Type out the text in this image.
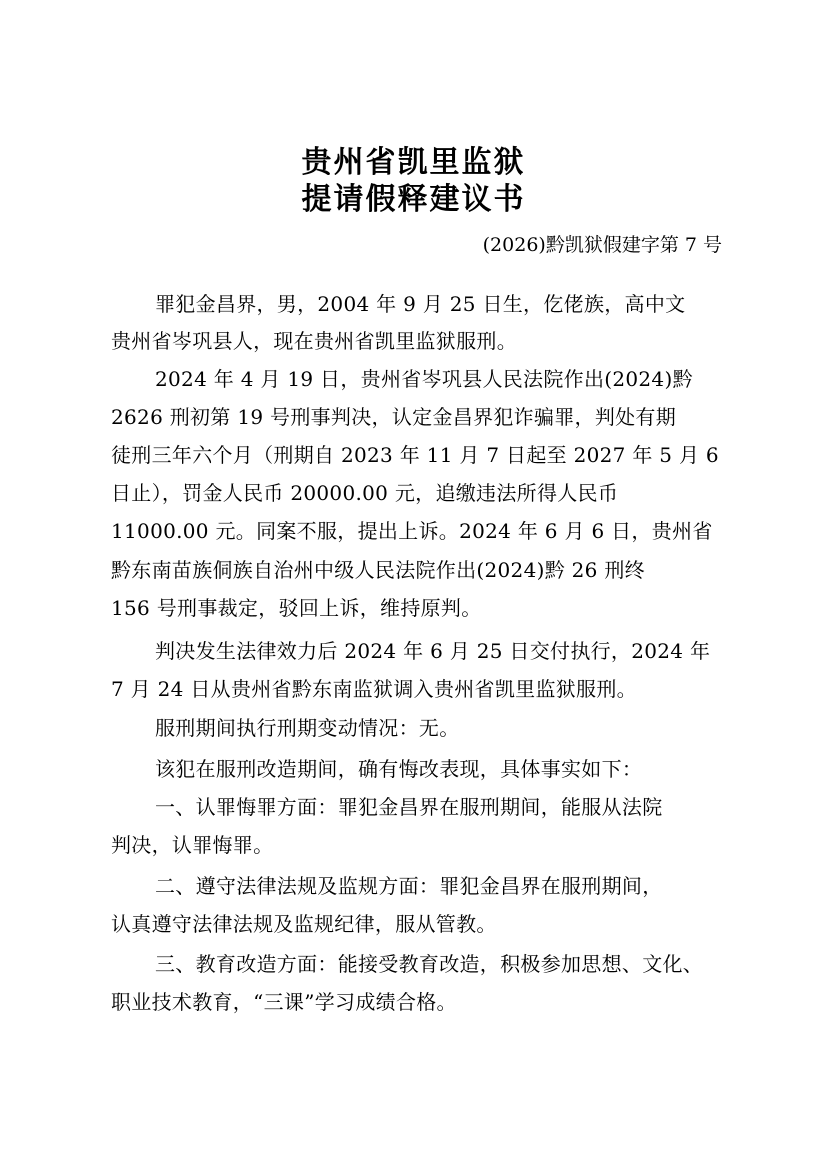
贵州省凯里监狱
提请假释建议书
(2026)黔凯狱假建字第 7 号
罪犯金昌界，男，2004 年 9 月 25 日生，仡佬族，高中文
贵州省岑巩县人，现在贵州省凯里监狱服刑。
2024 年 4 月 19 日，贵州省岑巩县人民法院作出(2024)黔
2626 刑初第 19 号刑事判决，认定金昌界犯诈骗罪，判处有期
徒刑三年六个月（刑期自 2023 年 11 月 7 日起至 2027 年 5 月 6
日止），罚金人民币 20000.00 元，追缴违法所得人民币
11000.00 元。同案不服，提出上诉。2024 年 6 月 6 日，贵州省
黔东南苗族侗族自治州中级人民法院作出(2024)黔 26 刑终
156 号刑事裁定，驳回上诉，维持原判。
判决发生法律效力后 2024 年 6 月 25 日交付执行，2024 年
7 月 24 日从贵州省黔东南监狱调入贵州省凯里监狱服刑。
服刑期间执行刑期变动情况：无。
该犯在服刑改造期间，确有悔改表现，具体事实如下：
一、认罪悔罪方面：罪犯金昌界在服刑期间，能服从法院
判决，认罪悔罪。
二、遵守法律法规及监规方面：罪犯金昌界在服刑期间，
认真遵守法律法规及监规纪律，服从管教。
三、教育改造方面：能接受教育改造，积极参加思想、文化、
职业技术教育，“三课”学习成绩合格。
